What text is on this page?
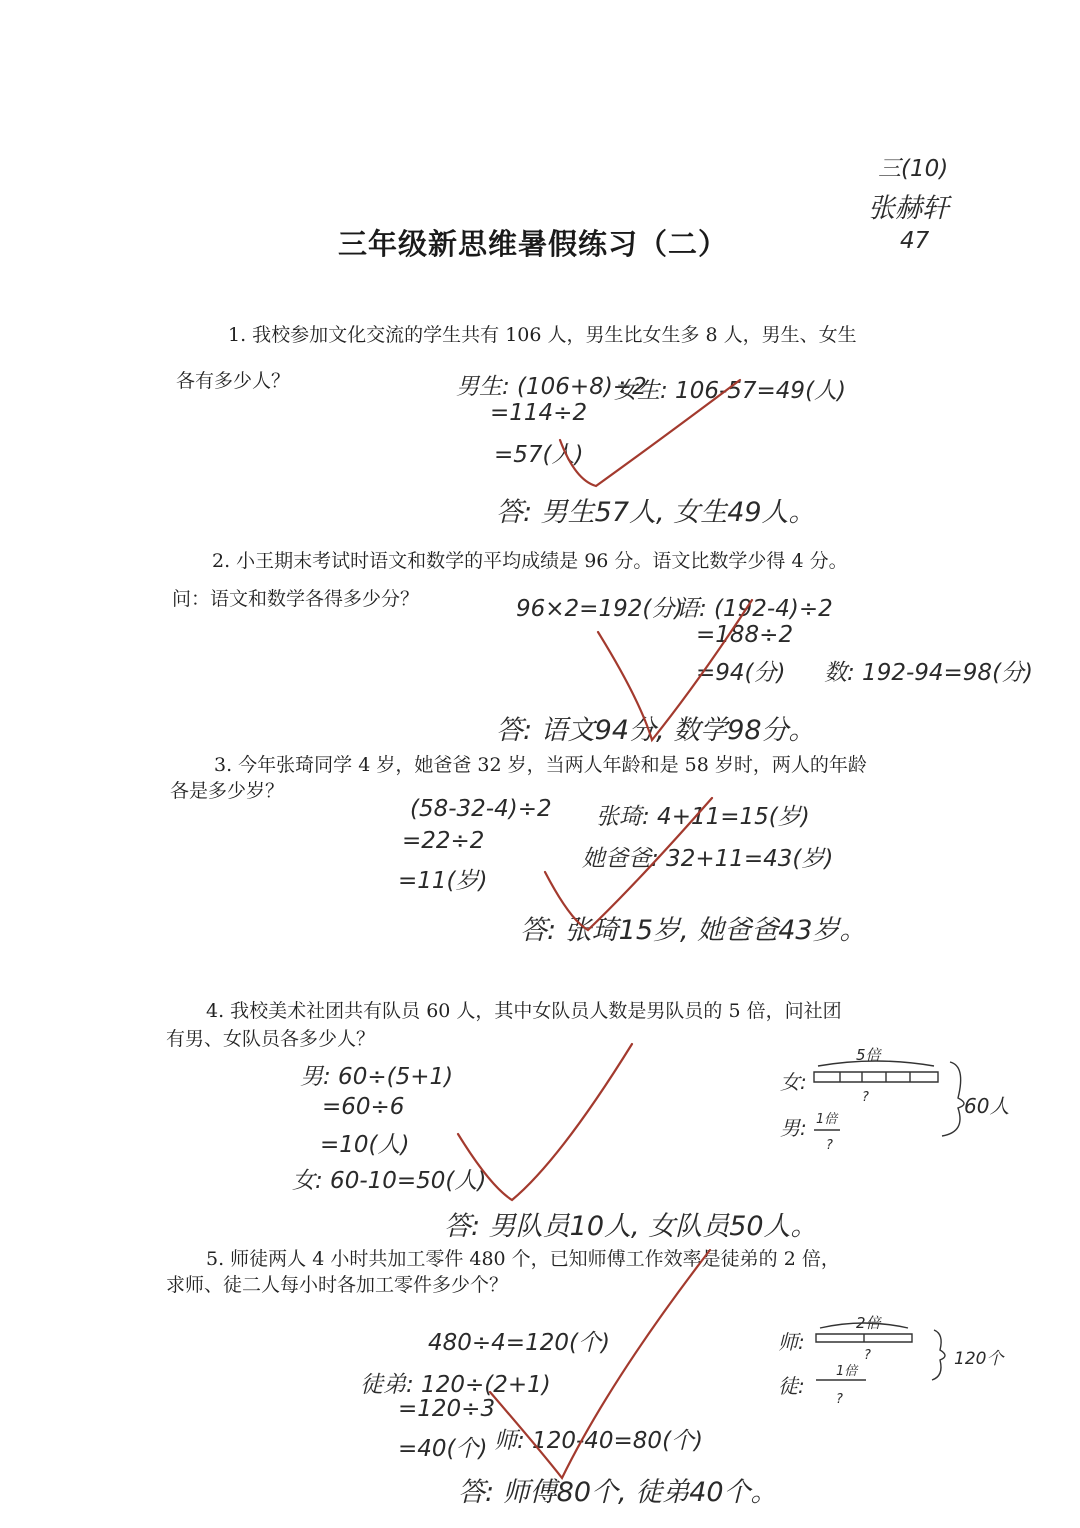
三(10)
张赫轩
47
三年级新思维暑假练习（二）
1. 我校参加文化交流的学生共有 106 人，男生比女生多 8 人，男生、女生
各有多少人？	男生: (106+8)÷2
=114÷2
=57(人)
女生: 106-57=49(人)
答: 男生57人, 女生49人。
2. 小王期末考试时语文和数学的平均成绩是 96 分。语文比数学少得 4 分。
问：语文和数学各得多少分？	96×2=192(分)
语: (192-4)÷2
=188÷2
=94(分) 数: 192-94=98(分)
答: 语文94分, 数学98分。
3. 今年张琦同学 4 岁，她爸爸 32 岁，当两人年龄和是 58 岁时，两人的年龄
各是多少岁？
(58-32-4)÷2
=22÷2
=11(岁)
张琦: 4+11=15(岁)
她爸爸: 32+11=43(岁)
答: 张琦15岁, 她爸爸43岁。
4. 我校美术社团共有队员 60 人，其中女队员人数是男队员的 5 倍，问社团
有男、女队员各多少人？
男: 60÷(5+1)
=60÷6
=10(人)
女: 60-10=50(人)
答: 男队员10人, 女队员50人。
5倍
女:
男: 1倍
?
?
60人
5. 师徒两人 4 小时共加工零件 480 个，已知师傅工作效率是徒弟的 2 倍，
求师、徒二人每小时各加工零件多少个？
480÷4=120(个)
徒弟: 120÷(2+1)
=120÷3
=40(个) 师: 120-40=80(个)
答: 师傅80个, 徒弟40个。
2倍
师:
徒:
1倍
?
?
120个
